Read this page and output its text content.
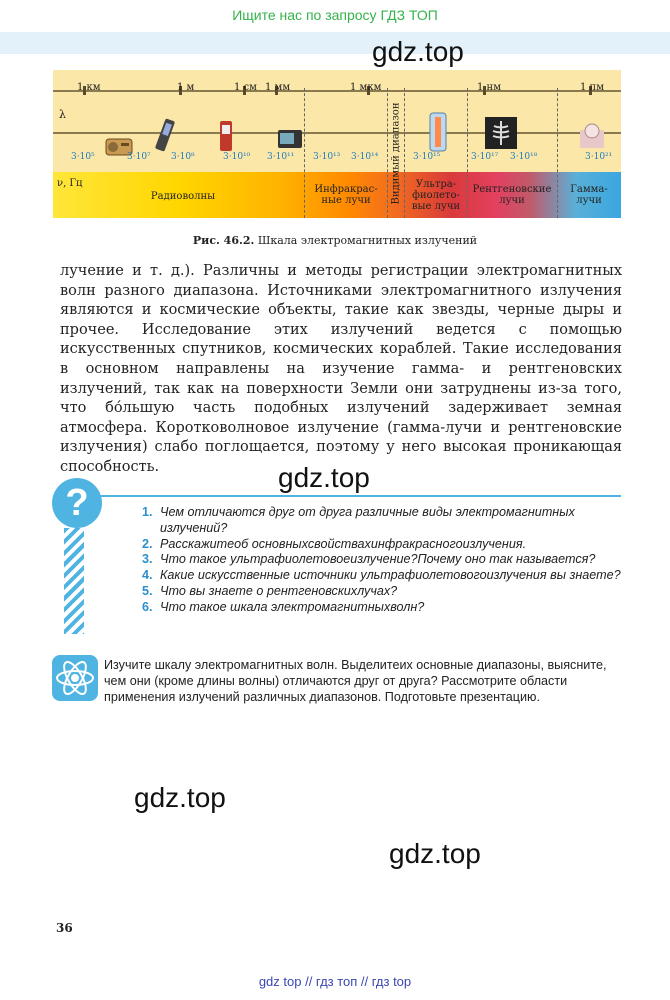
Ищите нас по запросу ГДЗ ТОП
gdz.top
gdz.top
gdz.top
gdz.top
1 км	1 м	1 см 1 мм	1 мкм	1 нм	1 пм
λ
ν, Гц
3·10⁵	3·10⁷ 3·10⁸	3·10¹⁰ 3·10¹¹ 3·10¹³ 3·10¹⁴	3·10¹⁵	3·10¹⁷ 3·10¹⁸	3·10²¹
Радиоволны
Инфракрас-
ные лучи	Видимый диапазон	Ультра-
фиолето-
вые лучи
Рентгеновские
лучи
Гамма-
лучи
Рис. 46.2. Шкала электромагнитных излучений

лучение и т. д.). Различны и методы регистрации электромагнитных волн разного диапазона. Источниками электромагнитного излучения являются и космические объекты, такие как звезды, черные дыры и прочее. Исследование этих излучений ведется с помощью искусственных спутников, космических кораблей. Такие исследования в основном направлены на изучение гамма- и рентгеновских излучений, так как на поверхности Земли они затруднены из-за того, что бо́льшую часть подобных излучений задерживает земная атмосфера. Коротковолновое излучение (гамма-лучи и рентгеновские излучения) слабо поглощается, поэтому у него высокая проникающая способность.

?	1. Чем отличаются друг от друга различные виды электромагнитных излучений?
2. Расскажитеоб основныхсвойствахинфракрасногоизлучения.
3. Что такое ультрафиолетовоеизлучение?Почему оно так называется?
4. Какие искусственные источники ультрафиолетовогоизлучения вы знаете?
5. Что вы знаете о рентгеновскихлучах?
6. Что такое шкала электромагнитныхволн?
Изучите шкалу электромагнитных волн. Выделитеих основные диапазоны, выясните, чем они (кроме длины волны) отличаются друг от друга? Рассмотрите области применения излучений различных диапазонов. Подготовьте презентацию.
36
gdz top // гдз топ // гдз top
